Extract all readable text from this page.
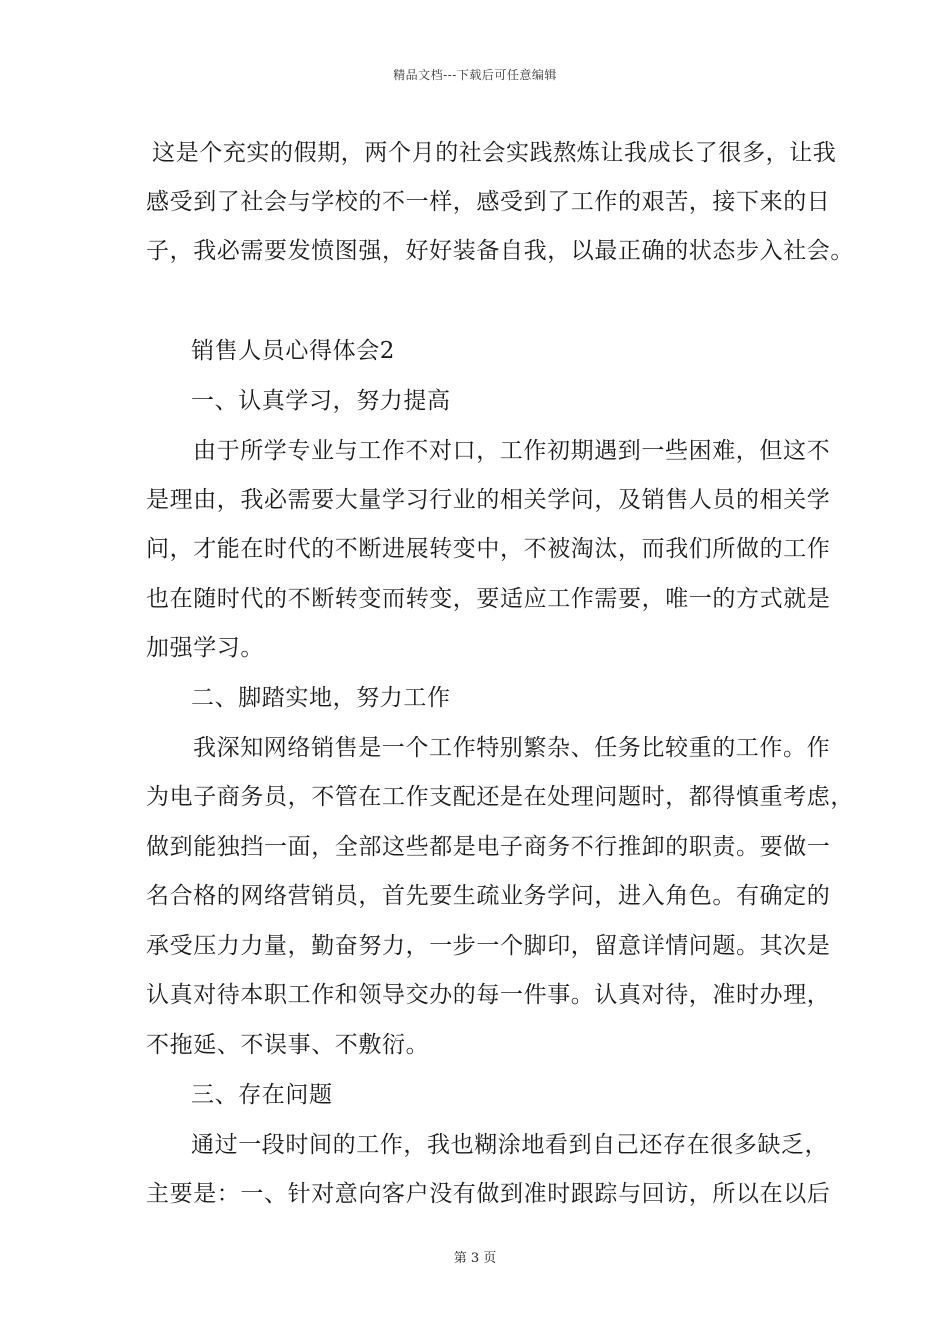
精品文档---下载后可任意编辑
这是个充实的假期，两个月的社会实践熬炼让我成长了很多，让我
感受到了社会与学校的不一样，感受到了工作的艰苦，接下来的日
子，我必需要发愤图强，好好装备自我，以最正确的状态步入社会。
销售人员心得体会2
一、认真学习，努力提高
由于所学专业与工作不对口，工作初期遇到一些困难，但这不
是理由，我必需要大量学习行业的相关学问，及销售人员的相关学
问，才能在时代的不断进展转变中，不被淘汰，而我们所做的工作
也在随时代的不断转变而转变，要适应工作需要，唯一的方式就是
加强学习。
二、脚踏实地，努力工作
我深知网络销售是一个工作特别繁杂、任务比较重的工作。作
为电子商务员，不管在工作支配还是在处理问题时，都得慎重考虑，
做到能独挡一面，全部这些都是电子商务不行推卸的职责。要做一
名合格的网络营销员，首先要生疏业务学问，进入角色。有确定的
承受压力力量，勤奋努力，一步一个脚印，留意详情问题。其次是
认真对待本职工作和领导交办的每一件事。认真对待，准时办理，
不拖延、不误事、不敷衍。
三、存在问题
通过一段时间的工作，我也糊涂地看到自己还存在很多缺乏，
主要是：一、针对意向客户没有做到准时跟踪与回访，所以在以后
第 3 页
